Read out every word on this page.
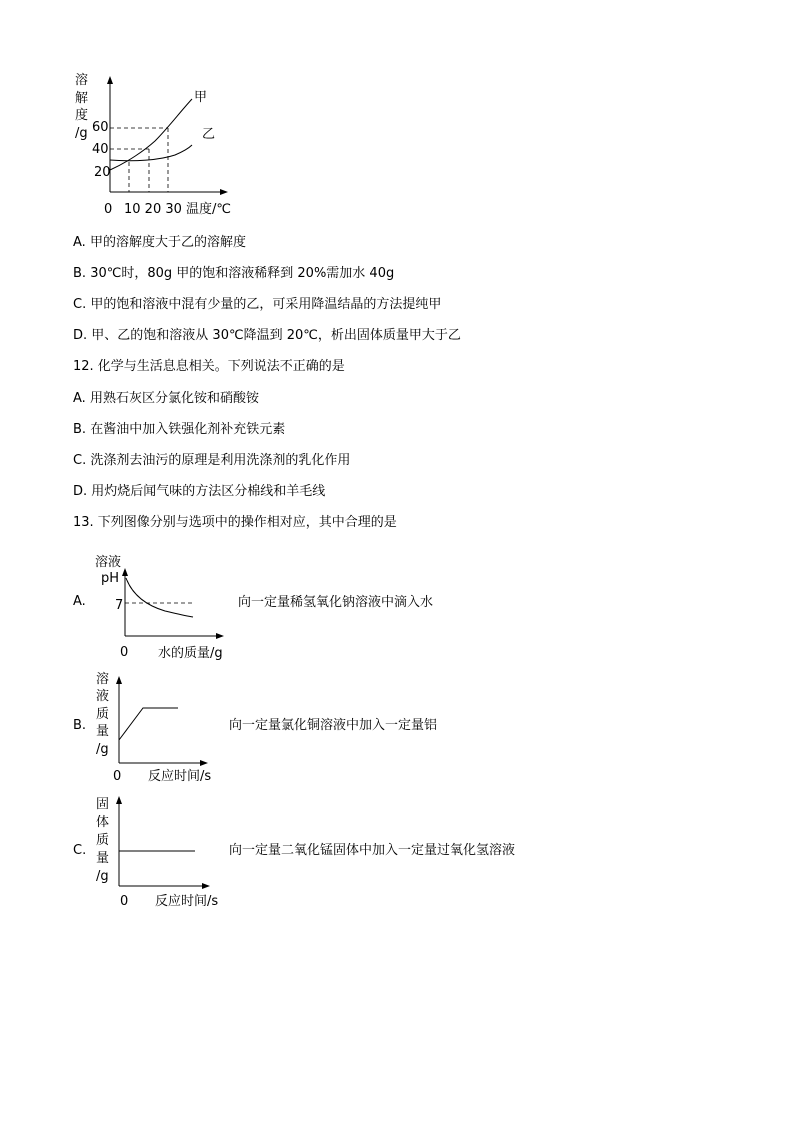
溶
解
度
/g 60
40
20
0 10 20 30 温度/℃
甲
乙
A. 甲的溶解度大于乙的溶解度
B. 30℃时，80g 甲的饱和溶液稀释到 20%需加水 40g
C. 甲的饱和溶液中混有少量的乙，可采用降温结晶的方法提纯甲
D. 甲、乙的饱和溶液从 30℃降温到 20℃，析出固体质量甲大于乙
12. 化学与生活息息相关。下列说法不正确的是
A. 用熟石灰区分氯化铵和硝酸铵
B. 在酱油中加入铁强化剂补充铁元素
C. 洗涤剂去油污的原理是利用洗涤剂的乳化作用
D. 用灼烧后闻气味的方法区分棉线和羊毛线
13. 下列图像分别与选项中的操作相对应，其中合理的是
A.
溶液
pH
7
0 水的质量/g
向一定量稀氢氧化钠溶液中滴入水
B.
溶
液
质
量
/g
0 反应时间/s
向一定量氯化铜溶液中加入一定量铝
C.
固
体
质
量
/g
0 反应时间/s
向一定量二氧化锰固体中加入一定量过氧化氢溶液
